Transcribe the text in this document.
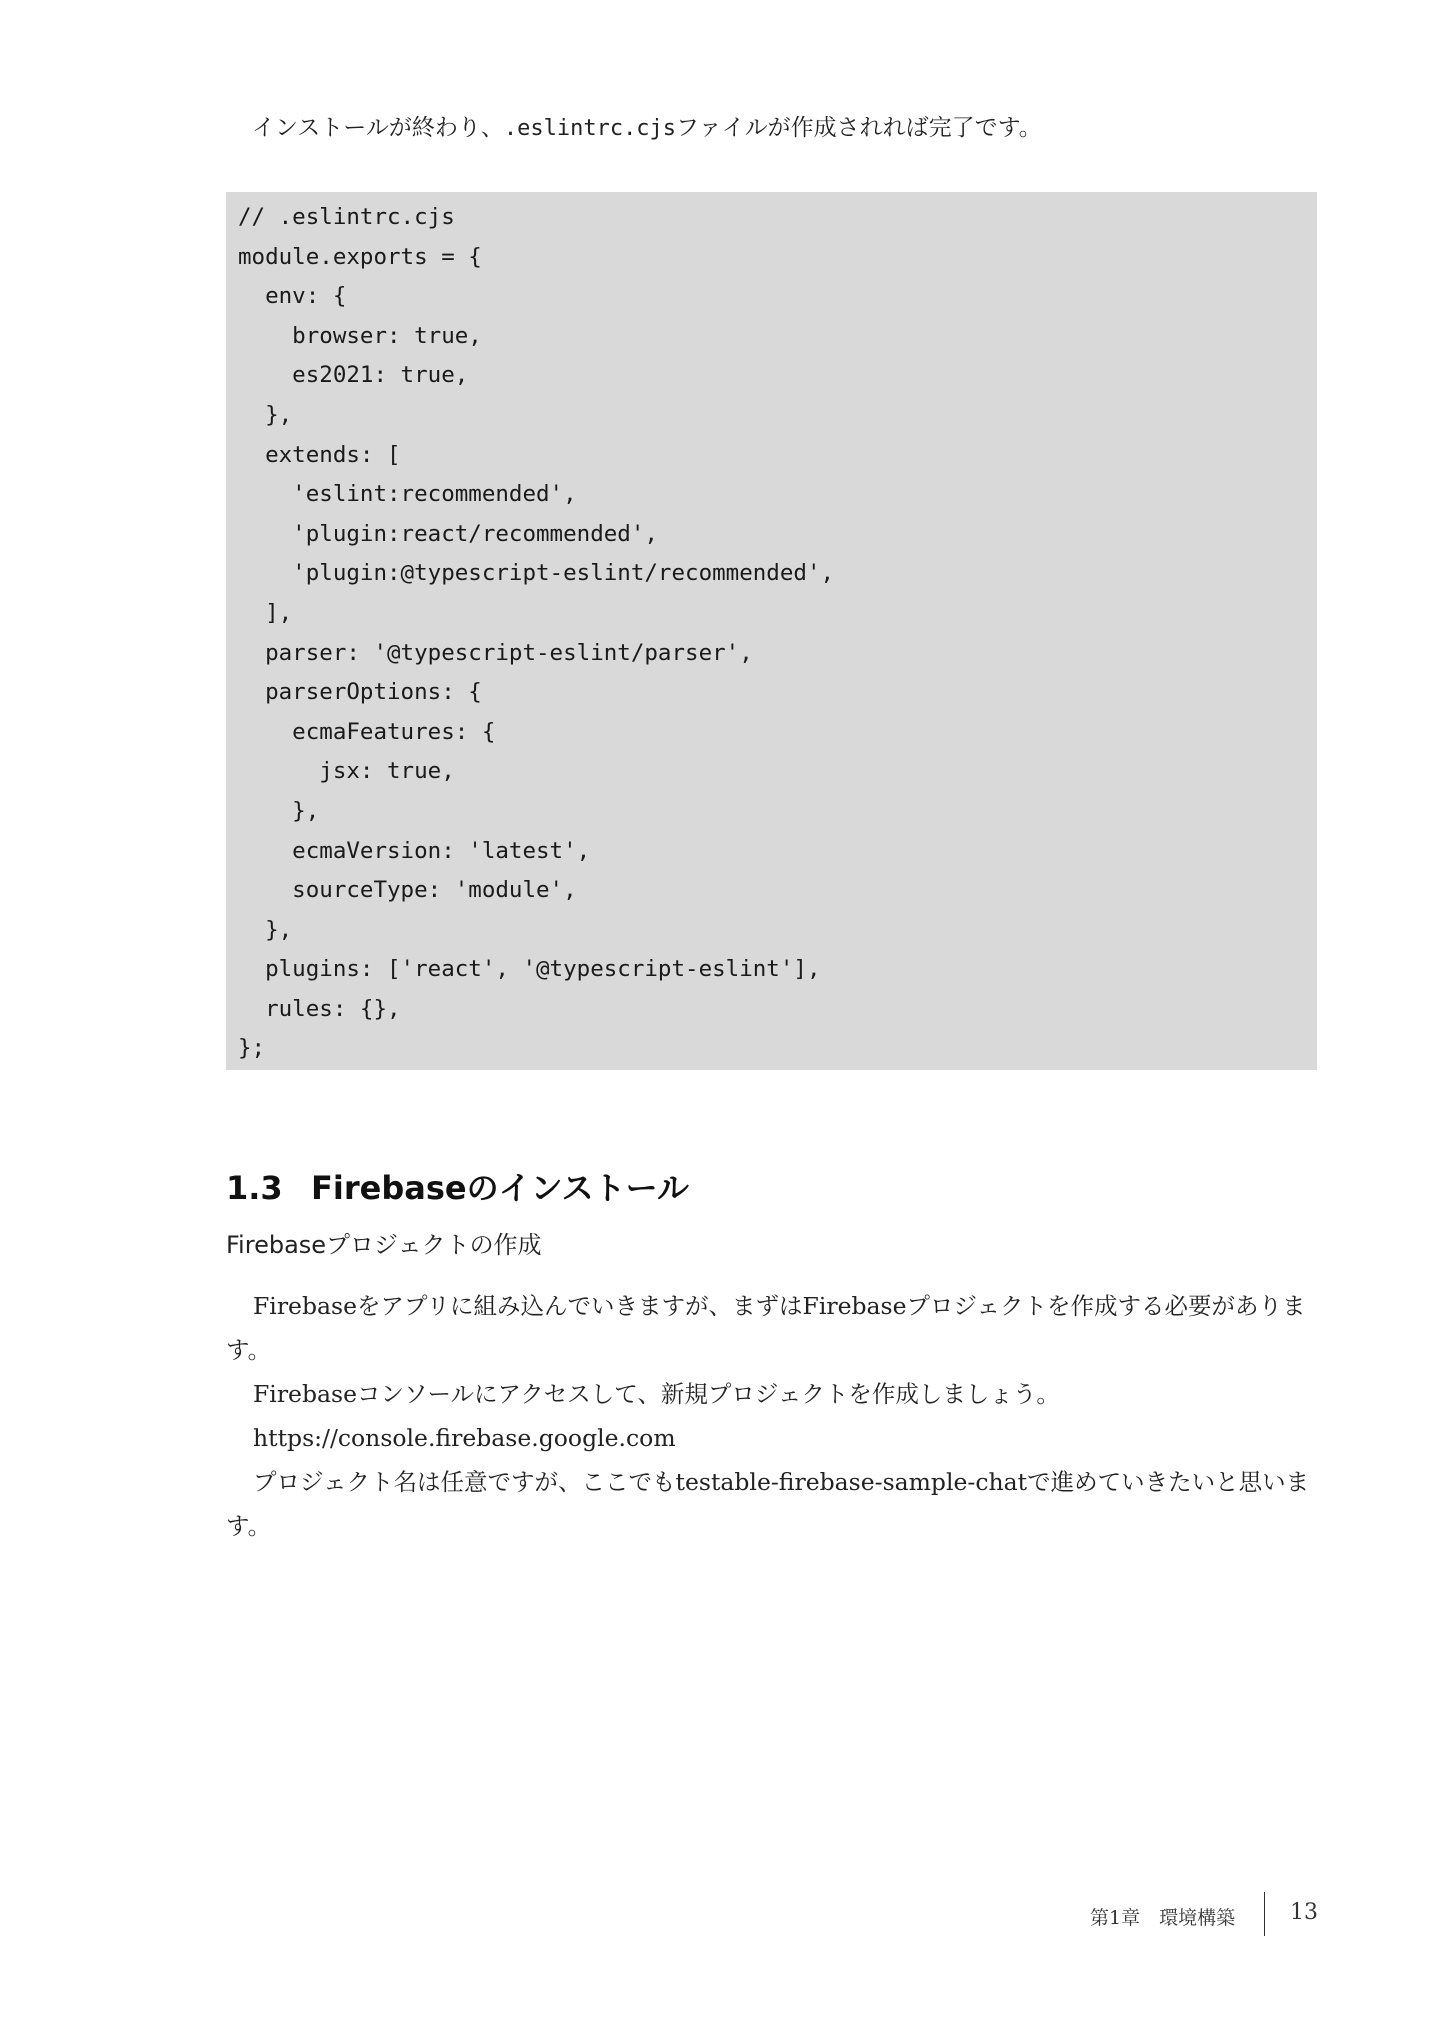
インストールが終わり、.eslintrc.cjsファイルが作成されれば完了です。
// .eslintrc.cjs
module.exports = {
env: {
browser: true,
es2021: true,
},
extends: [
'eslint:recommended',
'plugin:react/recommended',
'plugin:@typescript-eslint/recommended',
],
parser: '@typescript-eslint/parser',
parserOptions: {
ecmaFeatures: {
jsx: true,
},
ecmaVersion: 'latest',
sourceType: 'module',
},
plugins: ['react', '@typescript-eslint'],
rules: {},
};
1.3 Firebaseのインストール
Firebaseプロジェクトの作成

Firebaseをアプリに組み込んでいきますが、まずはFirebaseプロジェクトを作成する必要があります。

Firebaseコンソールにアクセスして、新規プロジェクトを作成しましょう。

https://console.firebase.google.com

プロジェクト名は任意ですが、ここでもtestable-firebase-sample-chatで進めていきたいと思います。

第1章　環境構築 13
